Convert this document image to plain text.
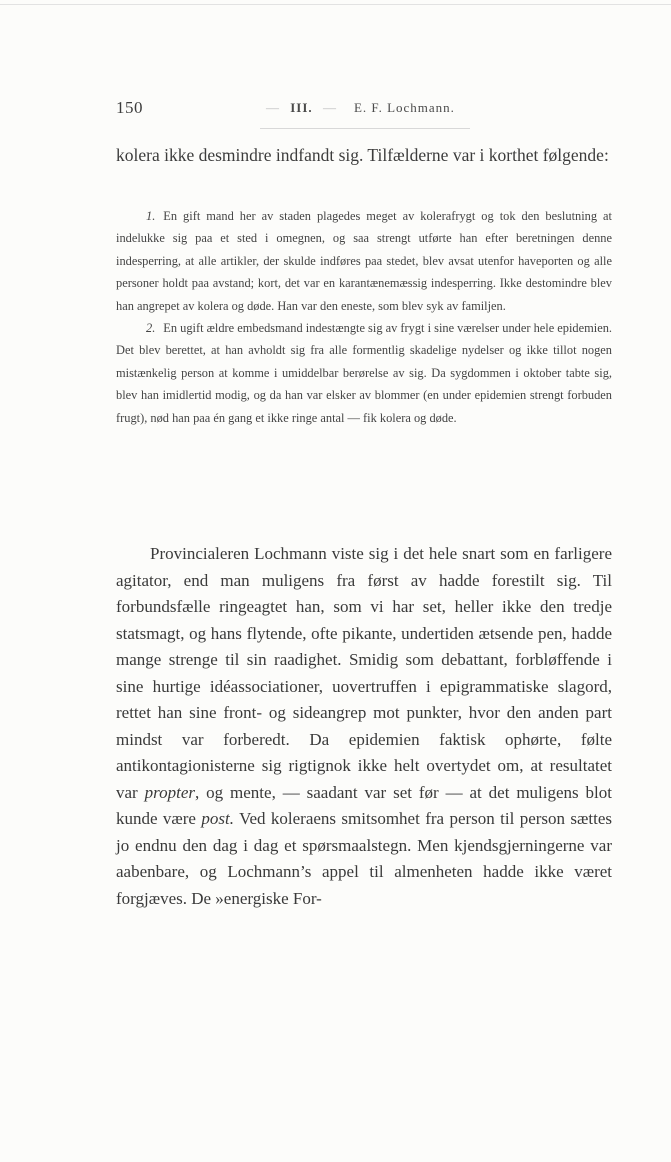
150	— III. — E. F. Lochmann.

kolera ikke desmindre indfandt sig. Tilfælderne var i korthet følgende:

1. En gift mand her av staden plagedes meget av kolerafrygt og tok den beslutning at indelukke sig paa et sted i omegnen, og saa strengt utførte han efter beretningen denne indesperring, at alle artikler, der skulde indføres paa stedet, blev avsat utenfor haveporten og alle personer holdt paa avstand; kort, det var en karantænemæssig indesperring. Ikke destomindre blev han angrepet av kolera og døde. Han var den eneste, som blev syk av familjen.

2. En ugift ældre embedsmand indestængte sig av frygt i sine værelser under hele epidemien. Det blev berettet, at han avholdt sig fra alle formentlig skadelige nydelser og ikke tillot nogen mistænkelig person at komme i umiddelbar berørelse av sig. Da sygdommen i oktober tabte sig, blev han imidlertid modig, og da han var elsker av blommer (en under epidemien strengt forbuden frugt), nød han paa én gang et ikke ringe antal — fik kolera og døde.

Provincialeren Lochmann viste sig i det hele snart som en farligere agitator, end man muligens fra først av hadde forestilt sig. Til forbundsfælle ringeagtet han, som vi har set, heller ikke den tredje statsmagt, og hans flytende, ofte pikante, undertiden ætsende pen, hadde mange strenge til sin raadighet. Smidig som debattant, forbløffende i sine hurtige idéassociationer, uovertruffen i epigrammatiske slagord, rettet han sine front- og sideangrep mot punkter, hvor den anden part mindst var forberedt. Da epidemien faktisk ophørte, følte antikontagionisterne sig rigtignok ikke helt overtydet om, at resultatet var propter, og mente, — saadant var set før — at det muligens blot kunde være post. Ved koleraens smitsomhet fra person til person sættes jo endnu den dag i dag et spørsmaalstegn. Men kjendsgjerningerne var aabenbare, og Lochmann’s appel til almenheten hadde ikke været forgjæves. De »energiske For-
